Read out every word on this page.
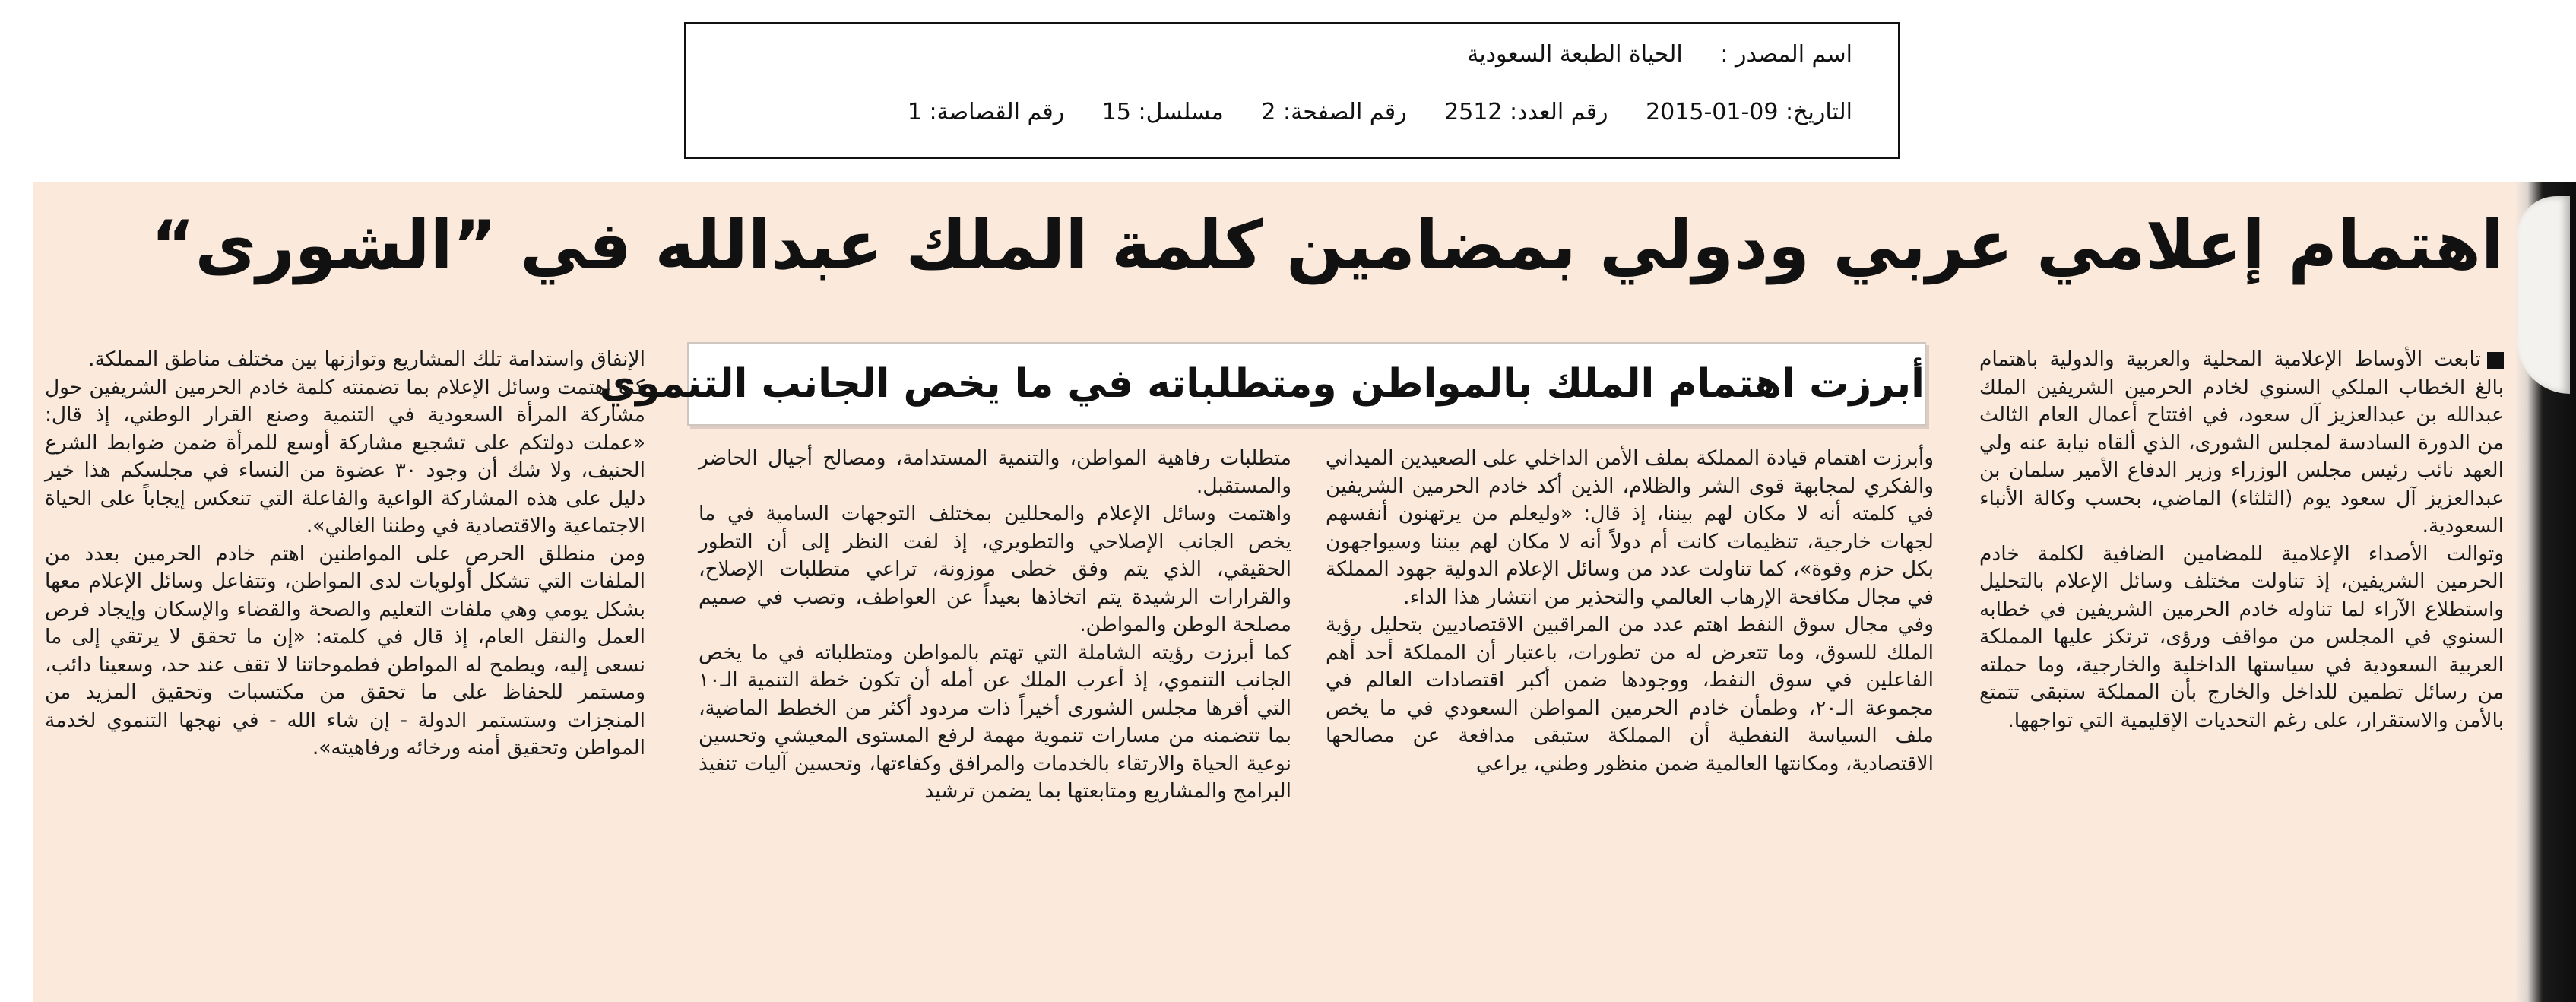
اسم المصدر : الحياة الطبعة السعودية
التاريخ: 09-01-2015 رقم العدد: 2512 رقم الصفحة: 2 مسلسل: 15 رقم القصاصة: 1
اهتمام إعلامي عربي ودولي بمضامين كلمة الملك عبدالله في ”الشورى“
أبرزت اهتمام الملك بالمواطن ومتطلباته في ما يخص الجانب التنموي

تابعت الأوساط الإعلامية المحلية والعربية والدولية باهتمام بالغ الخطاب الملكي السنوي لخادم الحرمين الشريفين الملك عبدالله بن عبدالعزيز آل سعود، في افتتاح أعمال العام الثالث من الدورة السادسة لمجلس الشورى، الذي ألقاه نيابة عنه ولي العهد نائب رئيس مجلس الوزراء وزير الدفاع الأمير سلمان بن عبدالعزيز آل سعود يوم (الثلثاء) الماضي، بحسب وكالة الأنباء السعودية.

وتوالت الأصداء الإعلامية للمضامين الضافية لكلمة خادم الحرمين الشريفين، إذ تناولت مختلف وسائل الإعلام بالتحليل واستطلاع الآراء لما تناوله خادم الحرمين الشريفين في خطابه السنوي في المجلس من مواقف ورؤى، ترتكز عليها المملكة العربية السعودية في سياستها الداخلية والخارجية، وما حملته من رسائل تطمين للداخل والخارج بأن المملكة ستبقى تتمتع بالأمن والاستقرار، على رغم التحديات الإقليمية التي تواجهها.

وأبرزت اهتمام قيادة المملكة بملف الأمن الداخلي على الصعيدين الميداني والفكري لمجابهة قوى الشر والظلام، الذين أكد خادم الحرمين الشريفين في كلمته أنه لا مكان لهم بيننا، إذ قال: «وليعلم من يرتهنون أنفسهم لجهات خارجية، تنظيمات كانت أم دولاً أنه لا مكان لهم بيننا وسيواجهون بكل حزم وقوة»، كما تناولت عدد من وسائل الإعلام الدولية جهود المملكة في مجال مكافحة الإرهاب العالمي والتحذير من انتشار هذا الداء.

وفي مجال سوق النفط اهتم عدد من المراقبين الاقتصاديين بتحليل رؤية الملك للسوق، وما تتعرض له من تطورات، باعتبار أن المملكة أحد أهم الفاعلين في سوق النفط، ووجودها ضمن أكبر اقتصادات العالم في مجموعة الـ٢٠، وطمأن خادم الحرمين المواطن السعودي في ما يخص ملف السياسة النفطية أن المملكة ستبقى مدافعة عن مصالحها الاقتصادية، ومكانتها العالمية ضمن منظور وطني، يراعي

متطلبات رفاهية المواطن، والتنمية المستدامة، ومصالح أجيال الحاضر والمستقبل.

واهتمت وسائل الإعلام والمحللين بمختلف التوجهات السامية في ما يخص الجانب الإصلاحي والتطويري، إذ لفت النظر إلى أن التطور الحقيقي، الذي يتم وفق خطى موزونة، تراعي متطلبات الإصلاح، والقرارات الرشيدة يتم اتخاذها بعيداً عن العواطف، وتصب في صميم مصلحة الوطن والمواطن.

كما أبرزت رؤيته الشاملة التي تهتم بالمواطن ومتطلباته في ما يخص الجانب التنموي، إذ أعرب الملك عن أمله أن تكون خطة التنمية الـ١٠ التي أقرها مجلس الشورى أخيراً ذات مردود أكثر من الخطط الماضية، بما تتضمنه من مسارات تنموية مهمة لرفع المستوى المعيشي وتحسين نوعية الحياة والارتقاء بالخدمات والمرافق وكفاءتها، وتحسين آليات تنفيذ البرامج والمشاريع ومتابعتها بما يضمن ترشيد

الإنفاق واستدامة تلك المشاريع وتوازنها بين مختلف مناطق المملكة.

كما اهتمت وسائل الإعلام بما تضمنته كلمة خادم الحرمين الشريفين حول مشاركة المرأة السعودية في التنمية وصنع القرار الوطني، إذ قال: «عملت دولتكم على تشجيع مشاركة أوسع للمرأة ضمن ضوابط الشرع الحنيف، ولا شك أن وجود ٣٠ عضوة من النساء في مجلسكم هذا خير دليل على هذه المشاركة الواعية والفاعلة التي تنعكس إيجاباً على الحياة الاجتماعية والاقتصادية في وطننا الغالي».

ومن منطلق الحرص على المواطنين اهتم خادم الحرمين بعدد من الملفات التي تشكل أولويات لدى المواطن، وتتفاعل وسائل الإعلام معها بشكل يومي وهي ملفات التعليم والصحة والقضاء والإسكان وإيجاد فرص العمل والنقل العام، إذ قال في كلمته: «إن ما تحقق لا يرتقي إلى ما نسعى إليه، ويطمح له المواطن فطموحاتنا لا تقف عند حد، وسعينا دائب، ومستمر للحفاظ على ما تحقق من مكتسبات وتحقيق المزيد من المنجزات وستستمر الدولة - إن شاء الله - في نهجها التنموي لخدمة المواطن وتحقيق أمنه ورخائه ورفاهيته».
